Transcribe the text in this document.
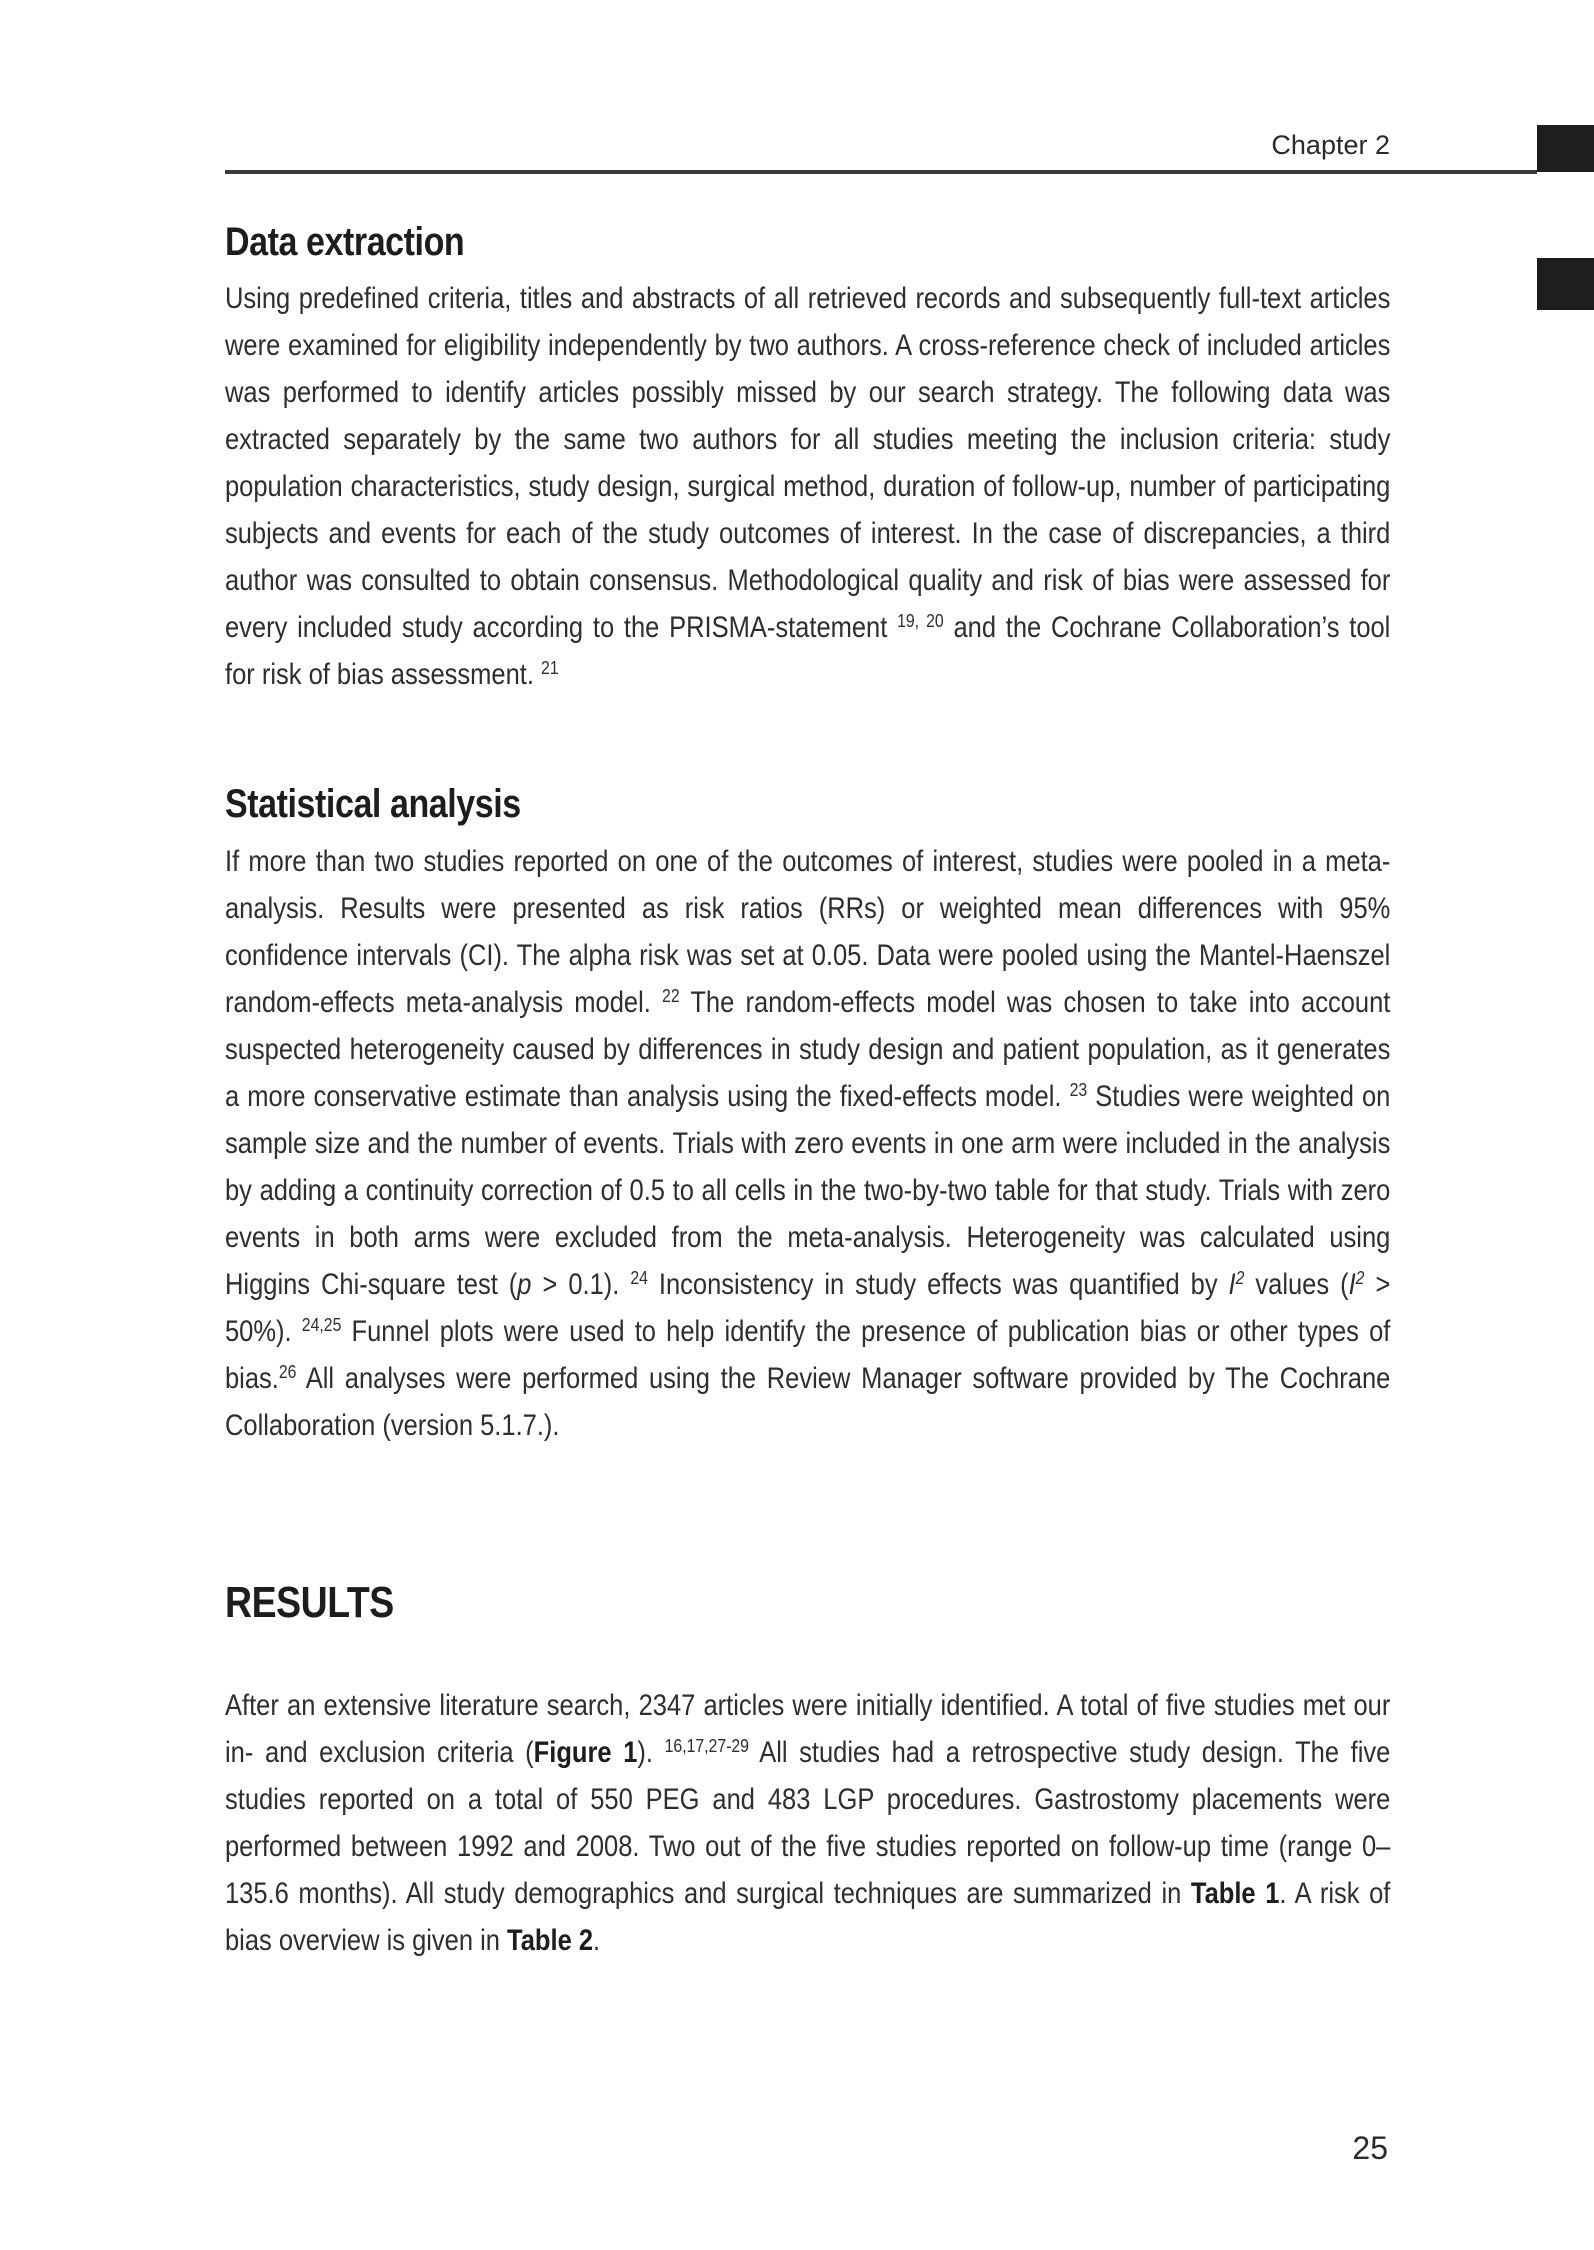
Chapter 2
Data extraction

Using predefined criteria, titles and abstracts of all retrieved records and subsequently full-text articles were examined for eligibility independently by two authors. A cross-reference check of included articles was performed to identify articles possibly missed by our search strategy. The following data was extracted separately by the same two authors for all studies meeting the inclusion criteria: study population characteristics, study design, surgical method, duration of follow-up, number of participating subjects and events for each of the study outcomes of interest. In the case of discrepancies, a third author was consulted to obtain consensus. Methodological quality and risk of bias were assessed for every included study according to the PRISMA-statement $^{19, 20}$ and the Cochrane Collaboration’s tool for risk of bias assessment. $^{21}$

Statistical analysis

If more than two studies reported on one of the outcomes of interest, studies were pooled in a meta-analysis. Results were presented as risk ratios (RRs) or weighted mean differences with 95% confidence intervals (CI). The alpha risk was set at 0.05. Data were pooled using the Mantel-Haenszel random-effects meta-analysis model. $^{22}$ The random-effects model was chosen to take into account suspected heterogeneity caused by differences in study design and patient population, as it generates a more conservative estimate than analysis using the fixed-effects model. $^{23}$ Studies were weighted on sample size and the number of events. Trials with zero events in one arm were included in the analysis by adding a continuity correction of 0.5 to all cells in the two-by-two table for that study. Trials with zero events in both arms were excluded from the meta-analysis. Heterogeneity was calculated using Higgins Chi-square test (p > 0.1). $^{24}$ Inconsistency in study effects was quantified by $I^2$ values $(I^2 > 50\%)$. $^{24,25}$ Funnel plots were used to help identify the presence of publication bias or other types of bias.$^{26}$ All analyses were performed using the Review Manager software provided by The Cochrane Collaboration (version 5.1.7.).

RESULTS

After an extensive literature search, 2347 articles were initially identified. A total of five studies met our in- and exclusion criteria (Figure 1). $^{16,17,27-29}$ All studies had a retrospective study design. The five studies reported on a total of 550 PEG and 483 LGP procedures. Gastrostomy placements were performed between 1992 and 2008. Two out of the five studies reported on follow-up time (range 0–135.6 months). All study demographics and surgical techniques are summarized in Table 1. A risk of bias overview is given in Table 2.

25
